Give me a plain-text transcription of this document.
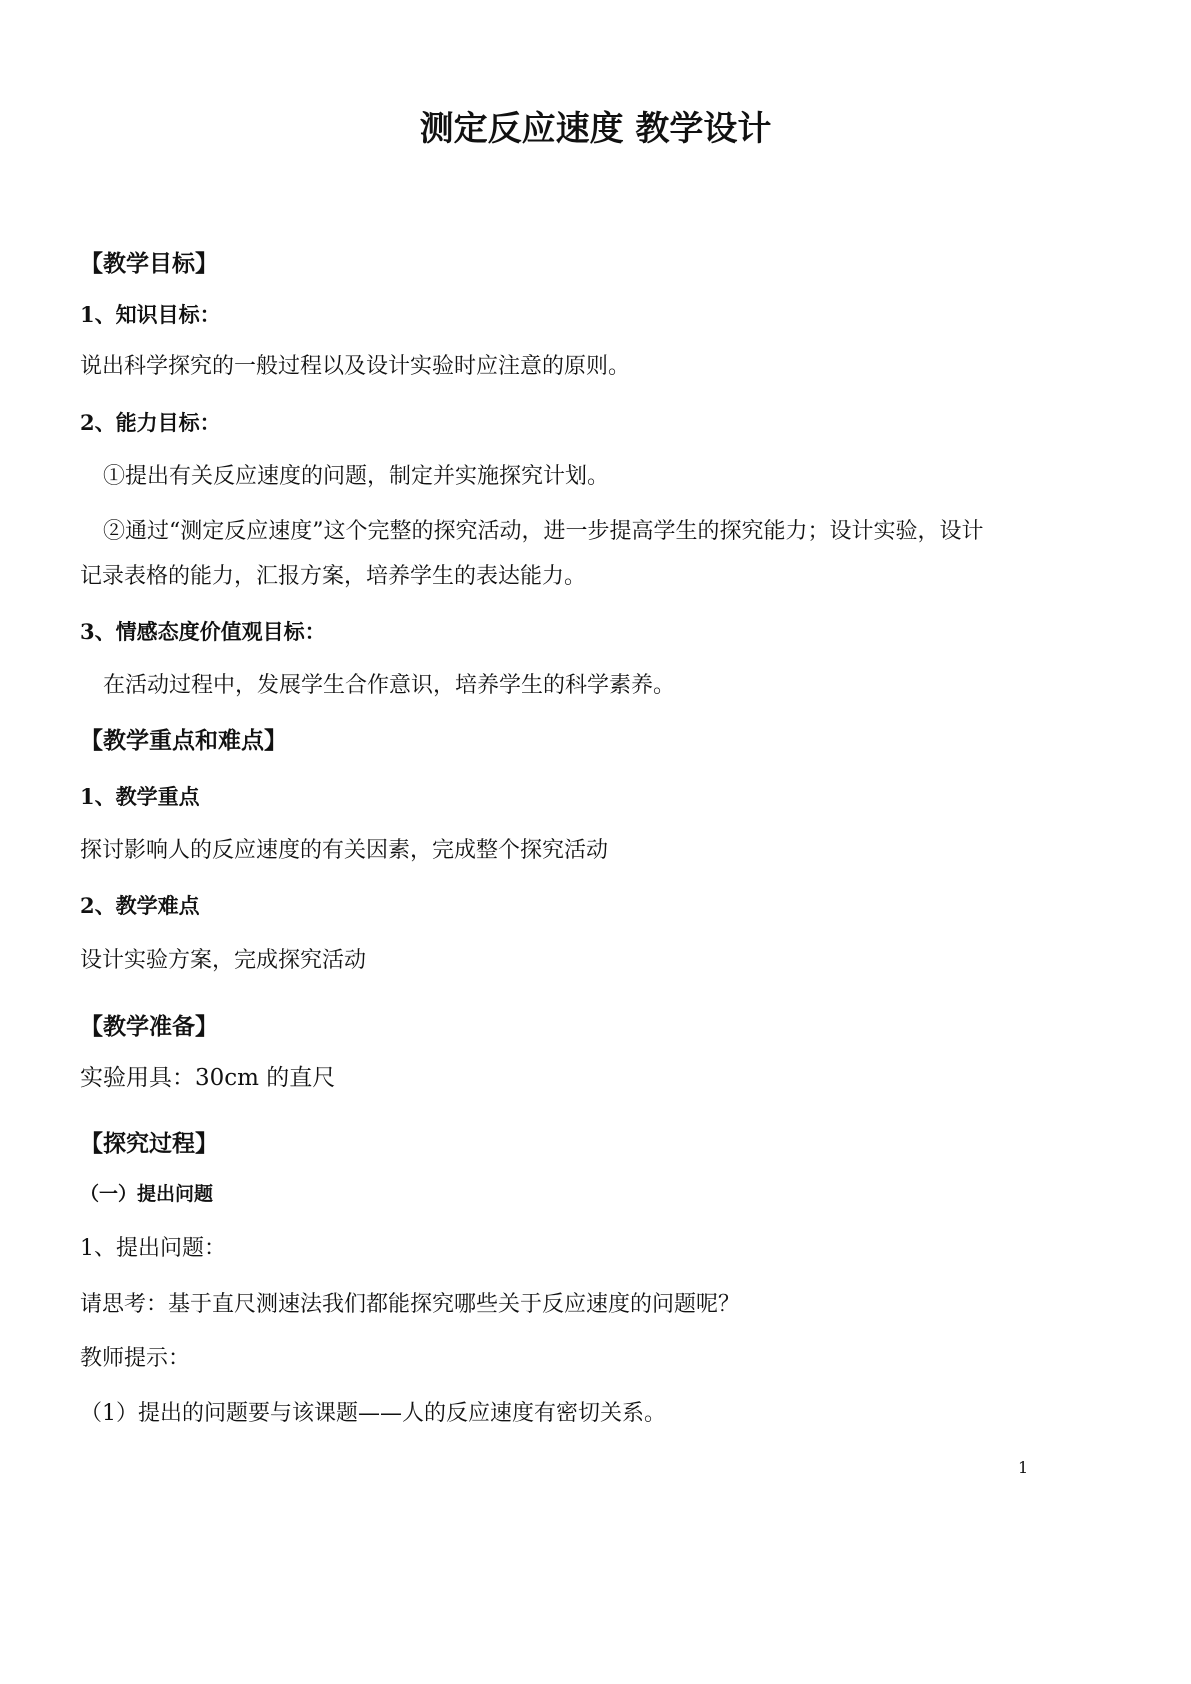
测定反应速度 教学设计
【教学目标】
1、知识目标：
说出科学探究的一般过程以及设计实验时应注意的原则。
2、能力目标：
①提出有关反应速度的问题，制定并实施探究计划。
②通过“测定反应速度”这个完整的探究活动，进一步提高学生的探究能力；设计实验，设计
记录表格的能力，汇报方案，培养学生的表达能力。
3、情感态度价值观目标：
在活动过程中，发展学生合作意识，培养学生的科学素养。
【教学重点和难点】
1、教学重点
探讨影响人的反应速度的有关因素，完成整个探究活动
2、教学难点
设计实验方案，完成探究活动
【教学准备】
实验用具：30cm 的直尺
【探究过程】
（一）提出问题
1、提出问题：
请思考：基于直尺测速法我们都能探究哪些关于反应速度的问题呢？
教师提示：
（1）提出的问题要与该课题——人的反应速度有密切关系。
1
